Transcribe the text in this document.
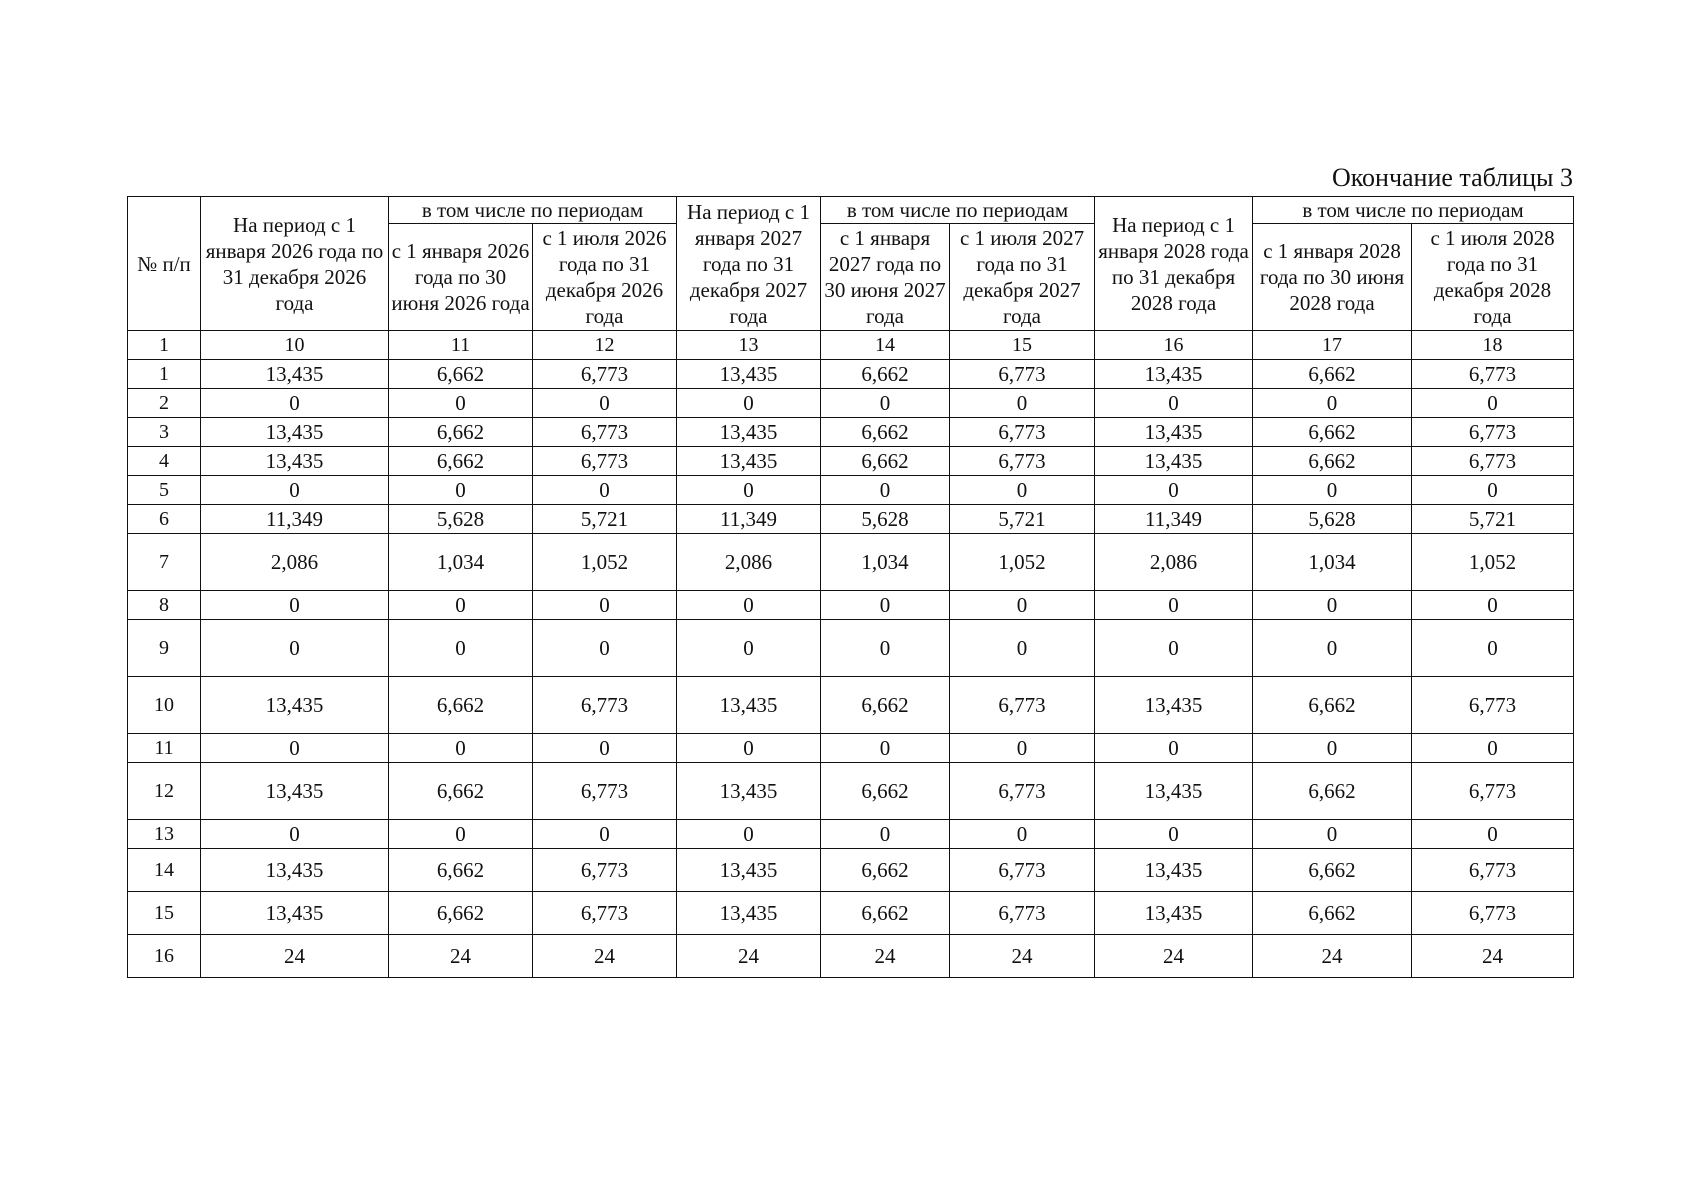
Окончание таблицы 3
№ п/п	На период с 1 января 2026 года по 31 декабря 2026 года	в том числе по периодам		На период с 1 января 2027 года по 31 декабря 2027 года	в том числе по периодам		На период с 1 января 2028 года по 31 декабря 2028 года	в том числе по периодам	
		с 1 января 2026 года по 30 июня 2026 года	с 1 июля 2026 года по 31 декабря 2026 года		с 1 января 2027 года по 30 июня 2027 года	с 1 июля 2027 года по 31 декабря 2027 года		с 1 января 2028 года по 30 июня 2028 года	с 1 июля 2028 года по 31 декабря 2028 года
1	10	11	12	13	14	15	16	17	18
1	13,435	6,662	6,773	13,435	6,662	6,773	13,435	6,662	6,773
2	0	0	0	0	0	0	0	0	0
3	13,435	6,662	6,773	13,435	6,662	6,773	13,435	6,662	6,773
4	13,435	6,662	6,773	13,435	6,662	6,773	13,435	6,662	6,773
5	0	0	0	0	0	0	0	0	0
6	11,349	5,628	5,721	11,349	5,628	5,721	11,349	5,628	5,721
7	2,086	1,034	1,052	2,086	1,034	1,052	2,086	1,034	1,052
8	0	0	0	0	0	0	0	0	0
9	0	0	0	0	0	0	0	0	0
10	13,435	6,662	6,773	13,435	6,662	6,773	13,435	6,662	6,773
11	0	0	0	0	0	0	0	0	0
12	13,435	6,662	6,773	13,435	6,662	6,773	13,435	6,662	6,773
13	0	0	0	0	0	0	0	0	0
14	13,435	6,662	6,773	13,435	6,662	6,773	13,435	6,662	6,773
15	13,435	6,662	6,773	13,435	6,662	6,773	13,435	6,662	6,773
16	24	24	24	24	24	24	24	24	24
